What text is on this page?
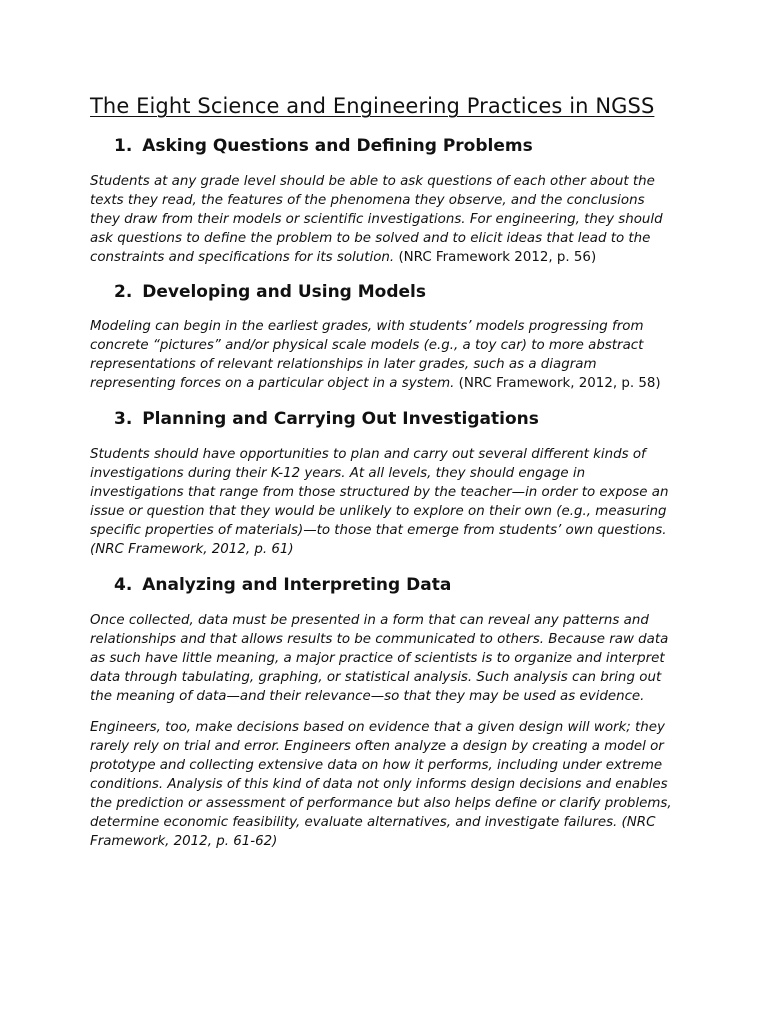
The Eight Science and Engineering Practices in NGSS
1. Asking Questions and Defining Problems

Students at any grade level should be able to ask questions of each other about the texts they read, the features of the phenomena they observe, and the conclusions they draw from their models or scientific investigations. For engineering, they should ask questions to define the problem to be solved and to elicit ideas that lead to the constraints and specifications for its solution. (NRC Framework 2012, p. 56)

2. Developing and Using Models

Modeling can begin in the earliest grades, with students’ models progressing from concrete “pictures” and/or physical scale models (e.g., a toy car) to more abstract representations of relevant relationships in later grades, such as a diagram representing forces on a particular object in a system. (NRC Framework, 2012, p. 58)

3. Planning and Carrying Out Investigations

Students should have opportunities to plan and carry out several different kinds of investigations during their K-12 years. At all levels, they should engage in investigations that range from those structured by the teacher—in order to expose an issue or question that they would be unlikely to explore on their own (e.g., measuring specific properties of materials)—to those that emerge from students’ own questions. (NRC Framework, 2012, p. 61)

4. Analyzing and Interpreting Data

Once collected, data must be presented in a form that can reveal any patterns and relationships and that allows results to be communicated to others. Because raw data as such have little meaning, a major practice of scientists is to organize and interpret data through tabulating, graphing, or statistical analysis. Such analysis can bring out the meaning of data—and their relevance—so that they may be used as evidence.

Engineers, too, make decisions based on evidence that a given design will work; they rarely rely on trial and error. Engineers often analyze a design by creating a model or prototype and collecting extensive data on how it performs, including under extreme conditions. Analysis of this kind of data not only informs design decisions and enables the prediction or assessment of performance but also helps define or clarify problems, determine economic feasibility, evaluate alternatives, and investigate failures. (NRC Framework, 2012, p. 61-62)
